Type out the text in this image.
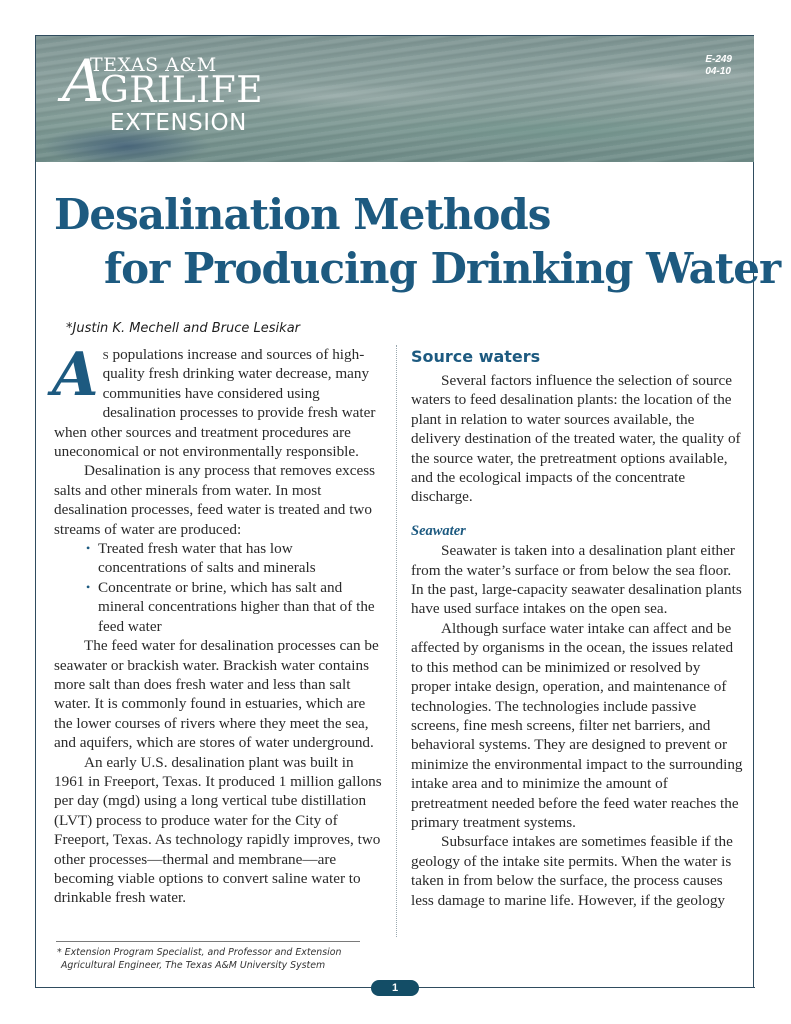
A
TEXAS A&M
GRILIFE
EXTENSION
E-249
04-10
Desalination Methods
for Producing Drinking Water
*Justin K. Mechell and Bruce Lesikar

As populations increase and sources of high-quality fresh drinking water decrease, many communities have considered using desalination processes to provide fresh water when other sources and treatment procedures are uneconomical or not environmentally responsible.

Desalination is any process that removes excess salts and other minerals from water. In most desalination processes, feed water is treated and two streams of water are produced:

• Treated fresh water that has low concentrations of salts and minerals
• Concentrate or brine, which has salt and mineral concentrations higher than that of the feed water

The feed water for desalination processes can be seawater or brackish water. Brackish water contains more salt than does fresh water and less than salt water. It is commonly found in estuaries, which are the lower courses of rivers where they meet the sea, and aquifers, which are stores of water underground.

An early U.S. desalination plant was built in 1961 in Freeport, Texas. It produced 1 million gallons per day (mgd) using a long vertical tube distillation (LVT) process to produce water for the City of Freeport, Texas. As technology rapidly improves, two other processes—thermal and membrane—are becoming viable options to convert saline water to drinkable fresh water.

Source waters

Several factors influence the selection of source waters to feed desalination plants: the location of the plant in relation to water sources available, the delivery destination of the treated water, the quality of the source water, the pretreatment options available, and the ecological impacts of the concentrate discharge.

Seawater

Seawater is taken into a desalination plant either from the water’s surface or from below the sea floor. In the past, large-capacity seawater desalination plants have used surface intakes on the open sea.

Although surface water intake can affect and be affected by organisms in the ocean, the issues related to this method can be minimized or resolved by proper intake design, operation, and maintenance of technologies. The technologies include passive screens, fine mesh screens, filter net barriers, and behavioral systems. They are designed to prevent or minimize the environmental impact to the surrounding intake area and to minimize the amount of pretreatment needed before the feed water reaches the primary treatment systems.

Subsurface intakes are sometimes feasible if the geology of the intake site permits. When the water is taken in from below the surface, the process causes less damage to marine life. However, if the geology

* Extension Program Specialist, and Professor and Extension
Agricultural Engineer, The Texas A&M University System
1
